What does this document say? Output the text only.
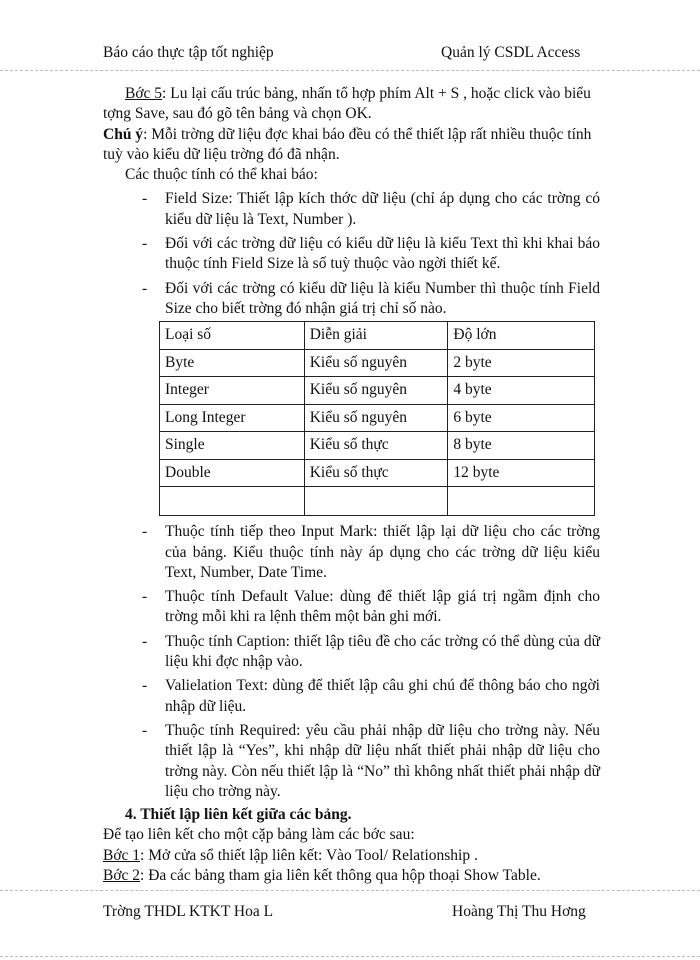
Báo cáo thực tập tốt nghiệp	Quản lý CSDL Access

Bớc 5: Lu lại cấu trúc bảng, nhấn tổ hợp phím Alt + S , hoặc click vào biểu tợng Save, sau đó gõ tên bảng và chọn OK.

Chú ý: Mỗi trờng dữ liệu đợc khai báo đều có thể thiết lập rất nhiều thuộc tính tuỳ vào kiểu dữ liệu trờng đó đã nhận.

Các thuộc tính có thể khai báo:

- Field Size: Thiết lập kích thớc dữ liệu (chỉ áp dụng cho các trờng có kiểu dữ liệu là Text, Number ).
- Đối với các trờng dữ liệu có kiểu dữ liệu là kiểu Text thì khi khai báo thuộc tính Field Size là số tuỳ thuộc vào ngời thiết kế.
- Đối với các trờng có kiểu dữ liệu là kiểu Number thì thuộc tính Field Size cho biết trờng đó nhận giá trị chỉ số nào.
Loại số	Diễn giải	Độ lớn
Byte	Kiểu số nguyên	2 byte
Integer	Kiểu số nguyên	4 byte
Long Integer	Kiểu số nguyên	6 byte
Single	Kiểu số thực	8 byte
Double	Kiểu số thực	12 byte

- Thuộc tính tiếp theo Input Mark: thiết lập lại dữ liệu cho các trờng của bảng. Kiểu thuộc tính này áp dụng cho các trờng dữ liệu kiểu Text, Number, Date Time.
- Thuộc tính Default Value: dùng để thiết lập giá trị ngầm định cho trờng mỗi khi ra lệnh thêm một bản ghi mới.
- Thuộc tính Caption: thiết lập tiêu đề cho các trờng có thể dùng của dữ liệu khi đợc nhập vào.
- Valielation Text: dùng để thiết lập câu ghi chú để thông báo cho ngời nhập dữ liệu.
- Thuộc tính Required: yêu cầu phải nhập dữ liệu cho trờng này. Nếu thiết lập là “Yes”, khi nhập dữ liệu nhất thiết phải nhập dữ liệu cho trờng này. Còn nếu thiết lập là “No” thì không nhất thiết phải nhập dữ liệu cho trờng này.

4. Thiết lập liên kết giữa các bảng.

Để tạo liên kết cho một cặp bảng làm các bớc sau:

Bớc 1: Mở cửa sổ thiết lập liên kết: Vào Tool/ Relationship .

Bớc 2: Đa các bảng tham gia liên kết thông qua hộp thoại Show Table.

Trờng THDL KTKT Hoa L	Hoàng Thị Thu Hơng
